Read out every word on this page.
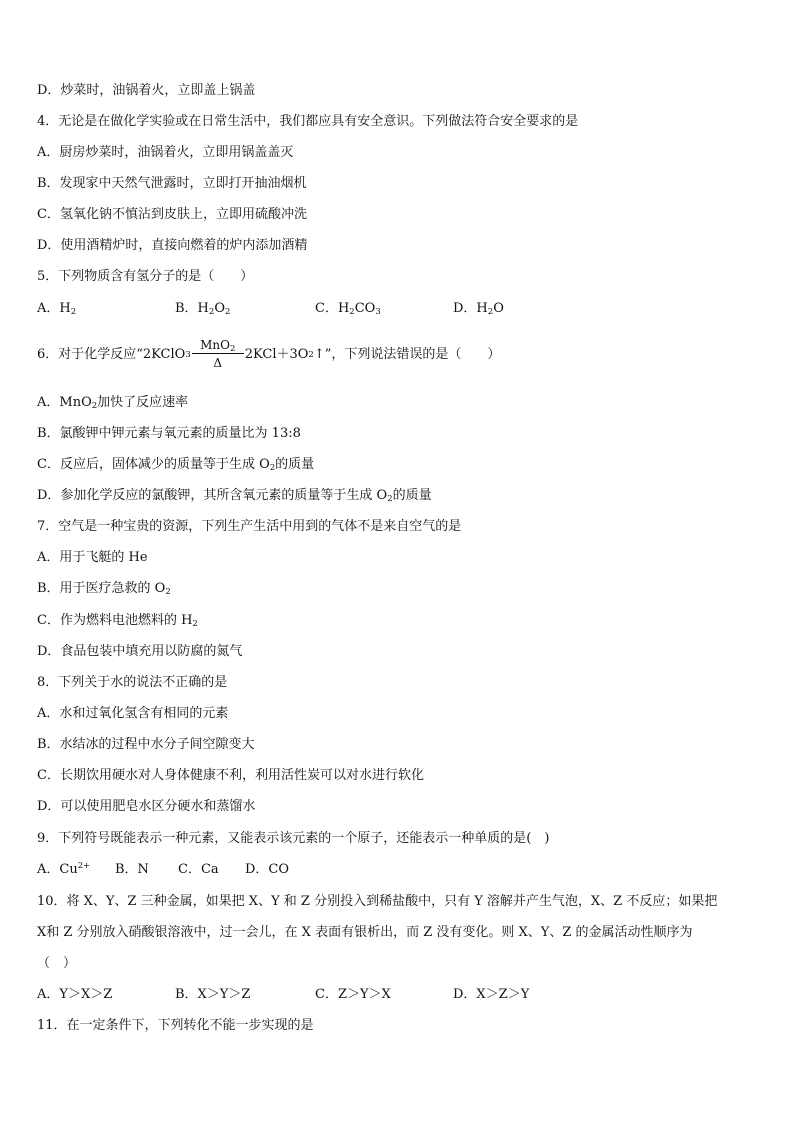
D．炒菜时，油锅着火，立即盖上锅盖
4．无论是在做化学实验或在日常生活中，我们都应具有安全意识。下列做法符合安全要求的是
A．厨房炒菜时，油锅着火，立即用锅盖盖灭
B．发现家中天然气泄露时，立即打开抽油烟机
C．氢氧化钠不慎沾到皮肤上，立即用硫酸冲洗
D．使用酒精炉时，直接向燃着的炉内添加酒精
5．下列物质含有氢分子的是（　　）
A．$H_2$	B．$H_2O_2$	C．$H_2CO_3$	D．$H_2O$
6．对于化学反应“2KClO 3
MnO$_2$
Δ
2KCl＋3O 2 ↑”，下列说法错误的是（　　）
A．MnO$_2$加快了反应速率
B．氯酸钾中钾元素与氧元素的质量比为 13:8
C．反应后，固体减少的质量等于生成 $O_2$的质量
D．参加化学反应的氯酸钾，其所含氧元素的质量等于生成 $O_2$的质量
7．空气是一种宝贵的资源，下列生产生活中用到的气体不是来自空气的是
A．用于飞艇的 He
B．用于医疗急救的 $O_2$
C．作为燃料电池燃料的 $H_2$
D．食品包装中填充用以防腐的氮气
8．下列关于水的说法不正确的是
A．水和过氧化氢含有相同的元素
B．水结冰的过程中水分子间空隙变大
C．长期饮用硬水对人身体健康不利，利用活性炭可以对水进行软化
D．可以使用肥皂水区分硬水和蒸馏水
9．下列符号既能表示一种元素，又能表示该元素的一个原子，还能表示一种单质的是(　)
A．$Cu^{2+}$	B．N	C．Ca	D．CO
10．将 X、Y、Z 三种金属，如果把 X、Y 和 Z 分别投入到稀盐酸中，只有 Y 溶解并产生气泡，X、Z 不反应；如果把
X和 Z 分别放入硝酸银溶液中，过一会儿，在 X 表面有银析出，而 Z 没有变化。则 X、Y、Z 的金属活动性顺序为
（　）
A．Y＞X＞Z	B．X＞Y＞Z	C．Z＞Y＞X	D．X＞Z＞Y
11．在一定条件下，下列转化不能一步实现的是
